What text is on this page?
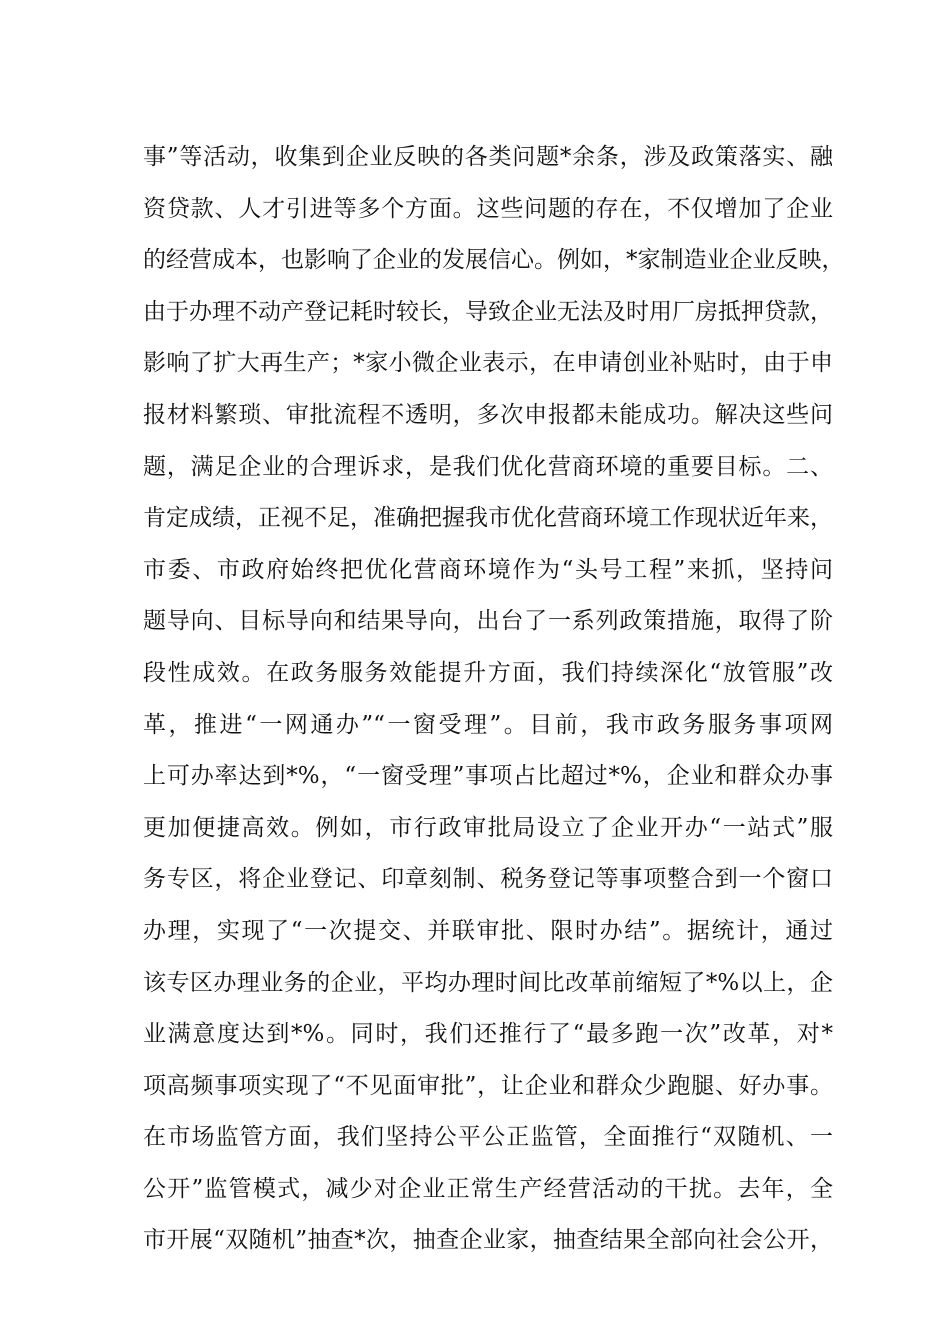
事”等活动，收集到企业反映的各类问题*余条，涉及政策落实、融
资贷款、人才引进等多个方面。这些问题的存在，不仅增加了企业
的经营成本，也影响了企业的发展信心。例如，*家制造业企业反映，
由于办理不动产登记耗时较长，导致企业无法及时用厂房抵押贷款，
影响了扩大再生产；*家小微企业表示，在申请创业补贴时，由于申
报材料繁琐、审批流程不透明，多次申报都未能成功。解决这些问
题，满足企业的合理诉求，是我们优化营商环境的重要目标。二、
肯定成绩，正视不足，准确把握我市优化营商环境工作现状近年来，
市委、市政府始终把优化营商环境作为“头号工程”来抓，坚持问
题导向、目标导向和结果导向，出台了一系列政策措施，取得了阶
段性成效。在政务服务效能提升方面，我们持续深化“放管服”改
革，推进“一网通办”“一窗受理”。目前，我市政务服务事项网
上可办率达到*%，“一窗受理”事项占比超过*%，企业和群众办事
更加便捷高效。例如，市行政审批局设立了企业开办“一站式”服
务专区，将企业登记、印章刻制、税务登记等事项整合到一个窗口
办理，实现了“一次提交、并联审批、限时办结”。据统计，通过
该专区办理业务的企业，平均办理时间比改革前缩短了*%以上，企
业满意度达到*%。同时，我们还推行了“最多跑一次”改革，对*
项高频事项实现了“不见面审批”，让企业和群众少跑腿、好办事。
在市场监管方面，我们坚持公平公正监管，全面推行“双随机、一
公开”监管模式，减少对企业正常生产经营活动的干扰。去年，全
市开展“双随机”抽查*次，抽查企业家，抽查结果全部向社会公开，
